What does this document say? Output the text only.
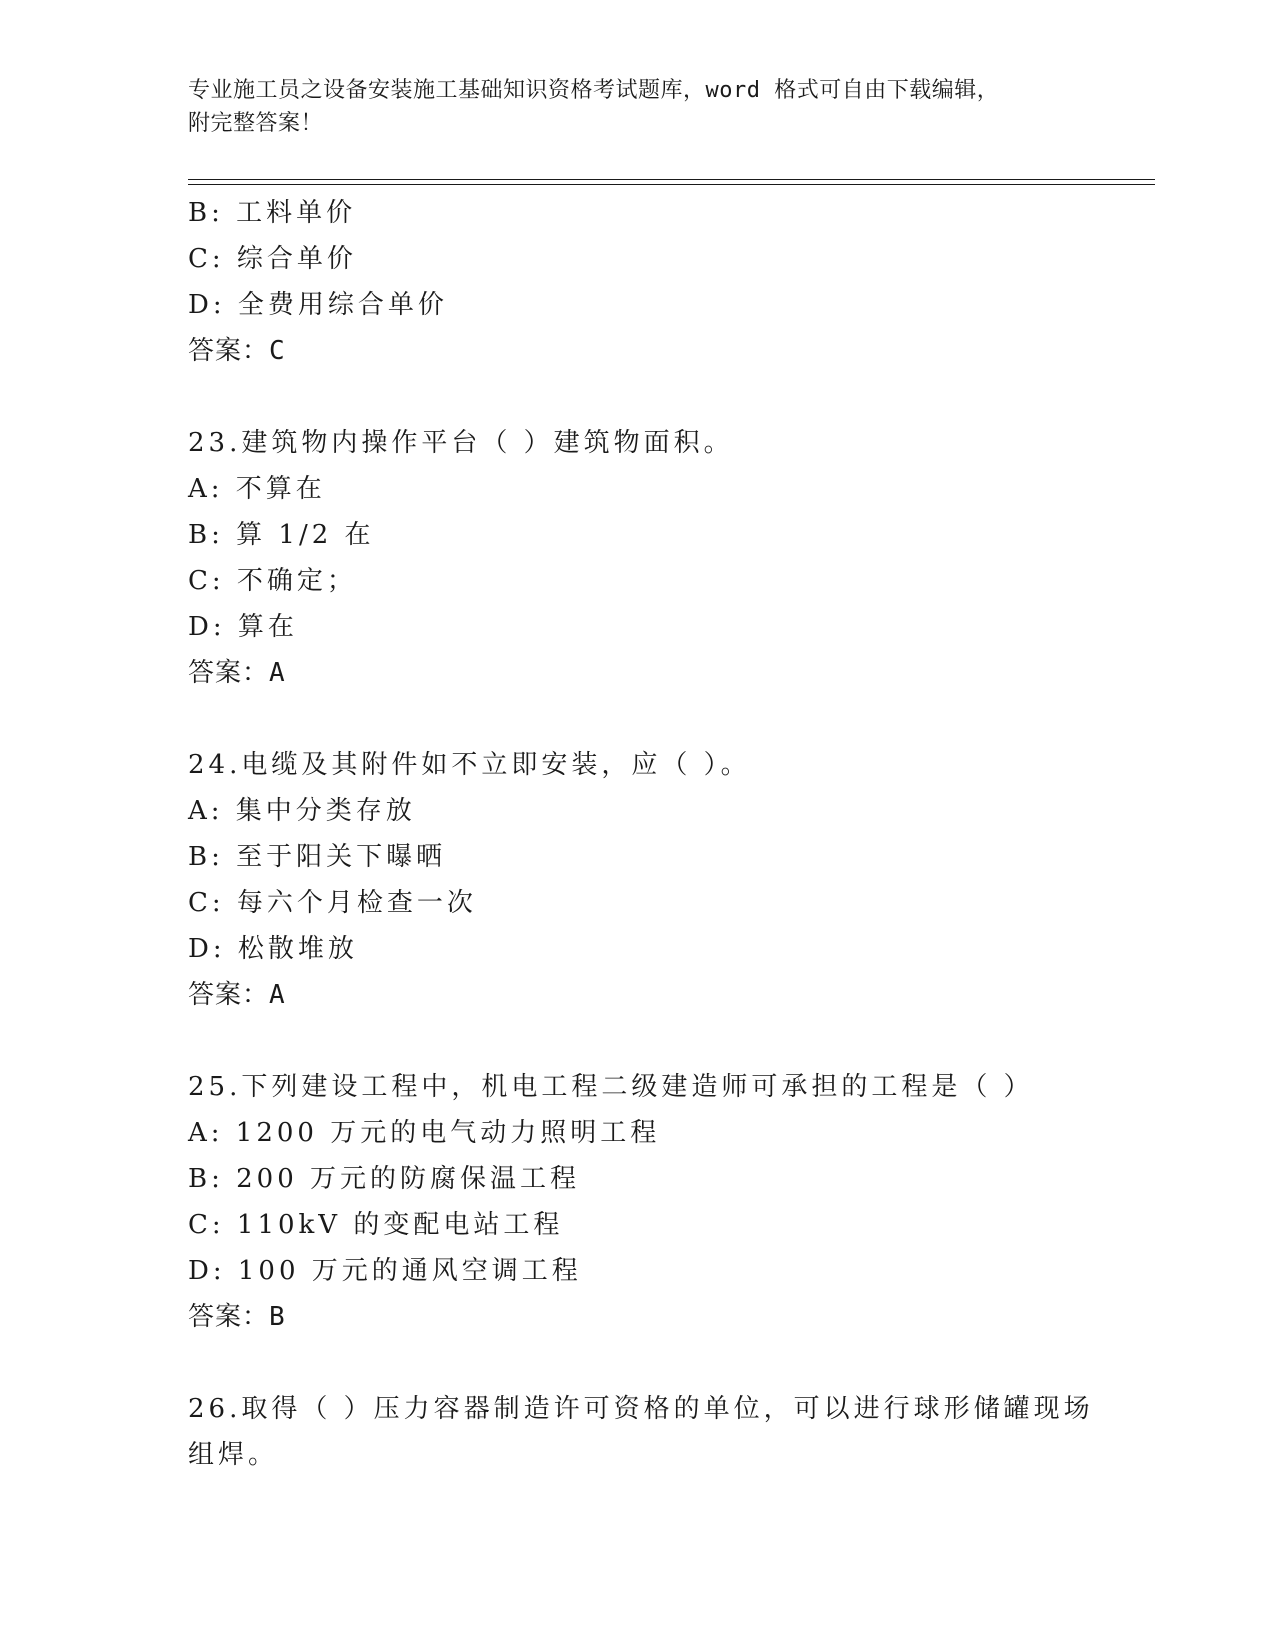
专业施工员之设备安装施工基础知识资格考试题库，word 格式可自由下载编辑，
附完整答案！
B: 工料单价
C: 综合单价
D: 全费用综合单价
答案：C
23.建筑物内操作平台（ ）建筑物面积。
A: 不算在
B: 算 1/2 在
C: 不确定；
D: 算在
答案：A
24.电缆及其附件如不立即安装，应（ ）。
A: 集中分类存放
B: 至于阳关下曝晒
C: 每六个月检查一次
D: 松散堆放
答案：A
25.下列建设工程中，机电工程二级建造师可承担的工程是（ ）
A: 1200 万元的电气动力照明工程
B: 200 万元的防腐保温工程
C: 110kV 的变配电站工程
D: 100 万元的通风空调工程
答案：B
26.取得（ ）压力容器制造许可资格的单位，可以进行球形储罐现场
组焊。
